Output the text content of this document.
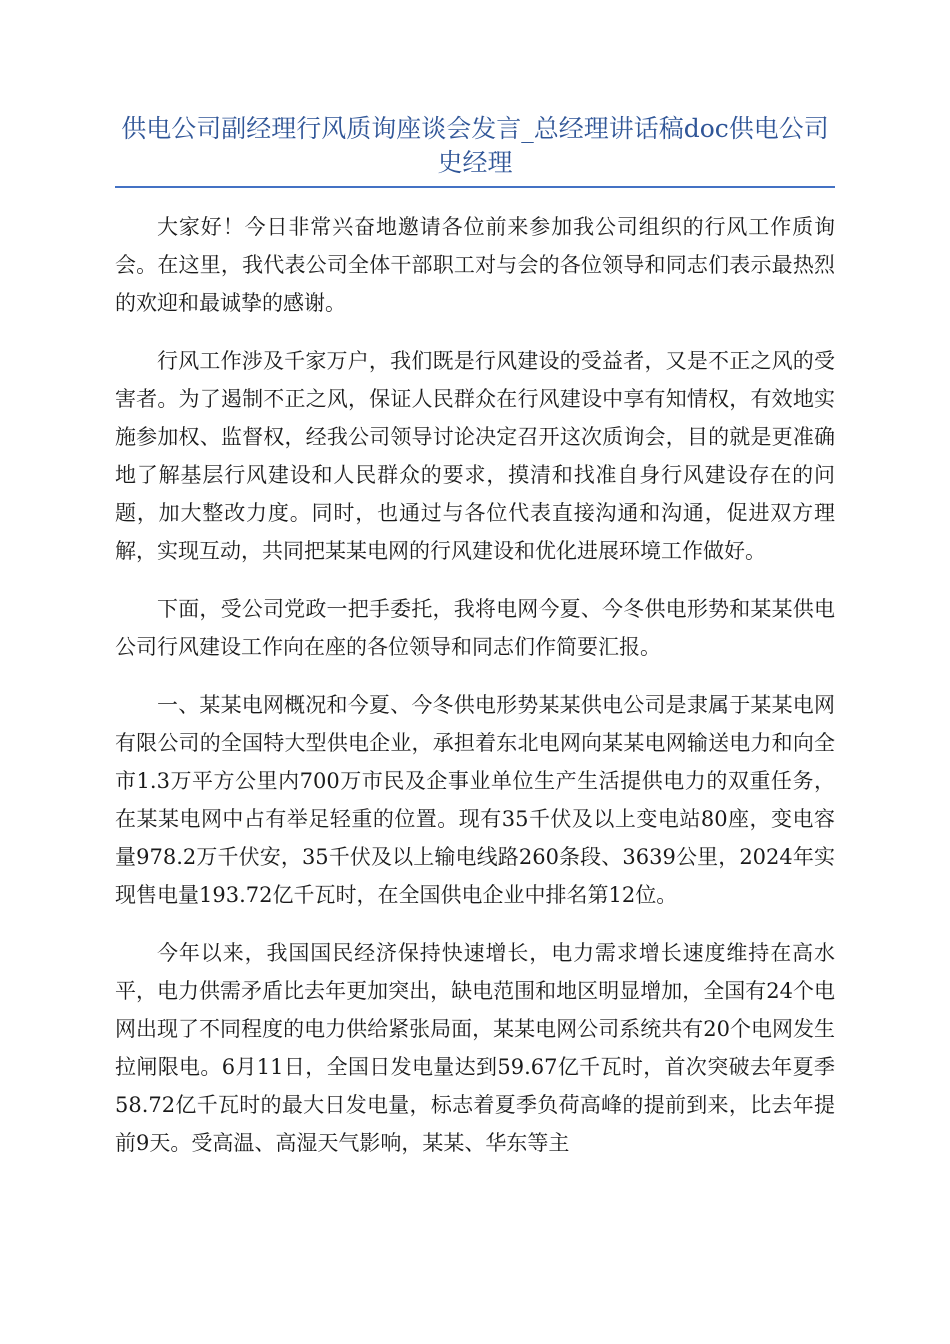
供电公司副经理行风质询座谈会发言_总经理讲话稿doc供电公司史经理

大家好！今日非常兴奋地邀请各位前来参加我公司组织的行风工作质询会。在这里，我代表公司全体干部职工对与会的各位领导和同志们表示最热烈的欢迎和最诚挚的感谢。

行风工作涉及千家万户，我们既是行风建设的受益者，又是不正之风的受害者。为了遏制不正之风，保证人民群众在行风建设中享有知情权，有效地实施参加权、监督权，经我公司领导讨论决定召开这次质询会，目的就是更准确地了解基层行风建设和人民群众的要求，摸清和找准自身行风建设存在的问题，加大整改力度。同时，也通过与各位代表直接沟通和沟通，促进双方理解，实现互动，共同把某某电网的行风建设和优化进展环境工作做好。

下面，受公司党政一把手委托，我将电网今夏、今冬供电形势和某某供电公司行风建设工作向在座的各位领导和同志们作简要汇报。

一、某某电网概况和今夏、今冬供电形势某某供电公司是隶属于某某电网有限公司的全国特大型供电企业，承担着东北电网向某某电网输送电力和向全市1.3万平方公里内700万市民及企事业单位生产生活提供电力的双重任务，在某某电网中占有举足轻重的位置。现有35千伏及以上变电站80座，变电容量978.2万千伏安，35千伏及以上输电线路260条段、3639公里，2024年实现售电量193.72亿千瓦时，在全国供电企业中排名第12位。

今年以来，我国国民经济保持快速增长，电力需求增长速度维持在高水平，电力供需矛盾比去年更加突出，缺电范围和地区明显增加，全国有24个电网出现了不同程度的电力供给紧张局面，某某电网公司系统共有20个电网发生拉闸限电。6月11日，全国日发电量达到59.67亿千瓦时，首次突破去年夏季58.72亿千瓦时的最大日发电量，标志着夏季负荷高峰的提前到来，比去年提前9天。受高温、高湿天气影响，某某、华东等主
